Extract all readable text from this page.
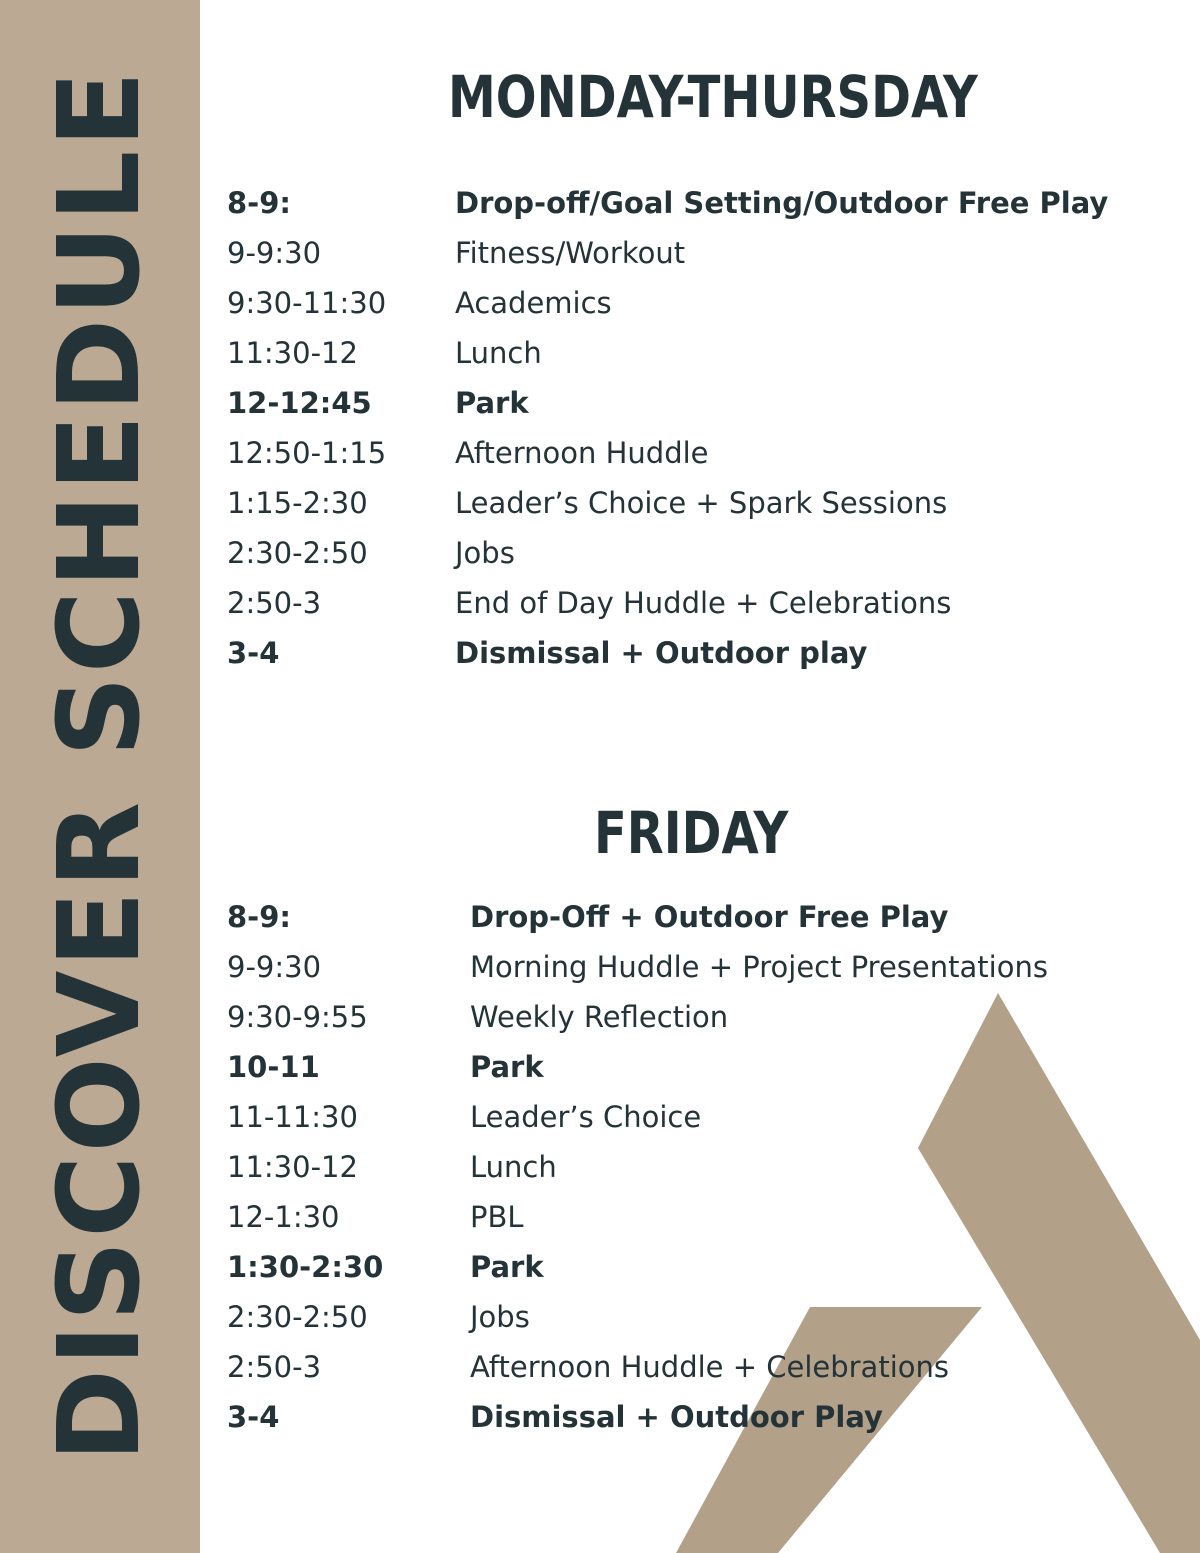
DISCOVER SCHEDULE	MONDAY-THURSDAY
8-9:	Drop-off/Goal Setting/Outdoor Free Play
9-9:30	Fitness/Workout
9:30-11:30	Academics
11:30-12	Lunch
12-12:45	Park
12:50-1:15	Afternoon Huddle
1:15-2:30	Leader’s Choice + Spark Sessions
2:30-2:50	Jobs
2:50-3	End of Day Huddle + Celebrations
3-4	Dismissal + Outdoor play
FRIDAY
8-9:	Drop-Off + Outdoor Free Play
9-9:30	Morning Huddle + Project Presentations
9:30-9:55	Weekly Reflection
10-11	Park
11-11:30	Leader’s Choice
11:30-12	Lunch
12-1:30	PBL
1:30-2:30	Park
2:30-2:50	Jobs
2:50-3	Afternoon Huddle + Celebrations
3-4	Dismissal + Outdoor Play
